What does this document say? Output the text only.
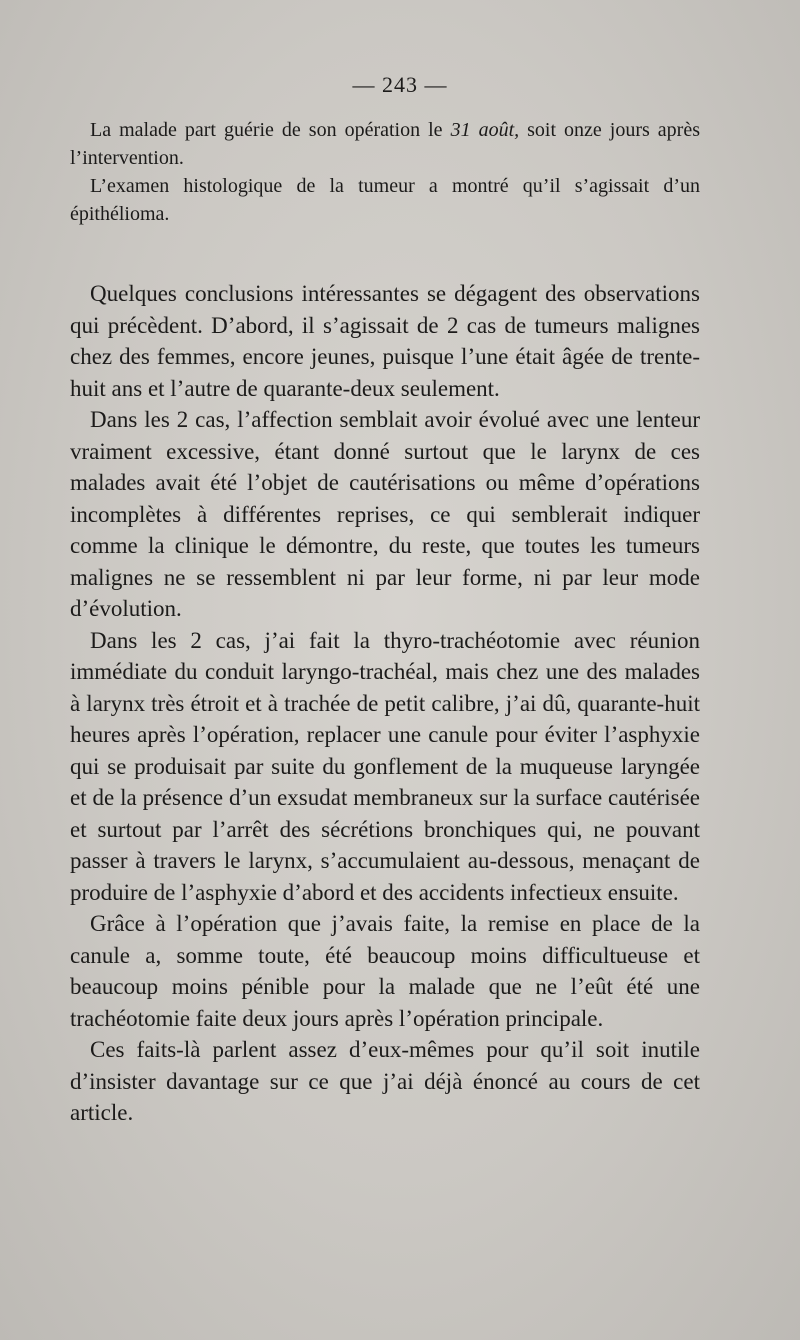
— 243 —

La malade part guérie de son opération le 31 août, soit onze jours après l’intervention.

L’examen histologique de la tumeur a montré qu’il s’agissait d’un épithélioma.

Quelques conclusions intéressantes se dégagent des observations qui précèdent. D’abord, il s’agissait de 2 cas de tumeurs malignes chez des femmes, encore jeunes, puisque l’une était âgée de trente-huit ans et l’autre de quarante-deux seulement.

Dans les 2 cas, l’affection semblait avoir évolué avec une lenteur vraiment excessive, étant donné surtout que le larynx de ces malades avait été l’objet de cautérisations ou même d’opérations incomplètes à différentes reprises, ce qui semblerait indiquer comme la clinique le démontre, du reste, que toutes les tumeurs malignes ne se ressemblent ni par leur forme, ni par leur mode d’évolution.

Dans les 2 cas, j’ai fait la thyro-trachéotomie avec réunion immédiate du conduit laryngo-trachéal, mais chez une des malades à larynx très étroit et à trachée de petit calibre, j’ai dû, quarante-huit heures après l’opération, replacer une canule pour éviter l’asphyxie qui se produisait par suite du gonflement de la muqueuse laryngée et de la présence d’un exsudat membraneux sur la surface cautérisée et surtout par l’arrêt des sécrétions bronchiques qui, ne pouvant passer à travers le larynx, s’accumulaient au-dessous, menaçant de produire de l’asphyxie d’abord et des accidents infectieux ensuite.

Grâce à l’opération que j’avais faite, la remise en place de la canule a, somme toute, été beaucoup moins difficultueuse et beaucoup moins pénible pour la malade que ne l’eût été une trachéotomie faite deux jours après l’opération principale.

Ces faits-là parlent assez d’eux-mêmes pour qu’il soit inutile d’insister davantage sur ce que j’ai déjà énoncé au cours de cet article.
